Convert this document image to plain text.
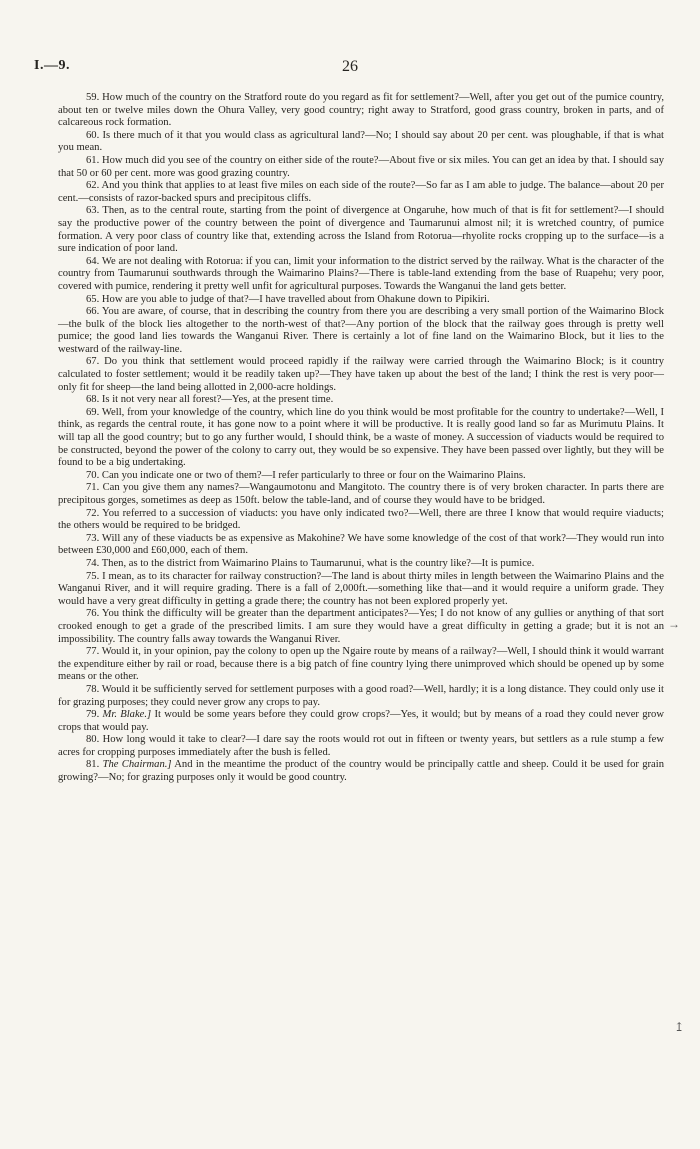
I.—9.	26

59. How much of the country on the Stratford route do you regard as fit for settlement?—Well, after you get out of the pumice country, about ten or twelve miles down the Ohura Valley, very good country; right away to Stratford, good grass country, broken in parts, and of calcareous rock formation.

60. Is there much of it that you would class as agricultural land?—No; I should say about 20 per cent. was ploughable, if that is what you mean.

61. How much did you see of the country on either side of the route?—About five or six miles. You can get an idea by that. I should say that 50 or 60 per cent. more was good grazing country.

62. And you think that applies to at least five miles on each side of the route?—So far as I am able to judge. The balance—about 20 per cent.—consists of razor-backed spurs and precipitous cliffs.

63. Then, as to the central route, starting from the point of divergence at Ongaruhe, how much of that is fit for settlement?—I should say the productive power of the country between the point of divergence and Taumarunui almost nil; it is wretched country, of pumice formation. A very poor class of country like that, extending across the Island from Rotorua—rhyolite rocks cropping up to the surface—is a sure indication of poor land.

64. We are not dealing with Rotorua: if you can, limit your information to the district served by the railway. What is the character of the country from Taumarunui southwards through the Waimarino Plains?—There is table-land extending from the base of Ruapehu; very poor, covered with pumice, rendering it pretty well unfit for agricultural purposes. Towards the Wanganui the land gets better.

65. How are you able to judge of that?—I have travelled about from Ohakune down to Pipikiri.

66. You are aware, of course, that in describing the country from there you are describing a very small portion of the Waimarino Block—the bulk of the block lies altogether to the north-west of that?—Any portion of the block that the railway goes through is pretty well pumice; the good land lies towards the Wanganui River. There is certainly a lot of fine land on the Waimarino Block, but it lies to the westward of the railway-line.

67. Do you think that settlement would proceed rapidly if the railway were carried through the Waimarino Block; is it country calculated to foster settlement; would it be readily taken up?—They have taken up about the best of the land; I think the rest is very poor—only fit for sheep—the land being allotted in 2,000-acre holdings.

68. Is it not very near all forest?—Yes, at the present time.

69. Well, from your knowledge of the country, which line do you think would be most profitable for the country to undertake?—Well, I think, as regards the central route, it has gone now to a point where it will be productive. It is really good land so far as Murimutu Plains. It will tap all the good country; but to go any further would, I should think, be a waste of money. A succession of viaducts would be required to be constructed, beyond the power of the colony to carry out, they would be so expensive. They have been passed over lightly, but they will be found to be a big undertaking.

70. Can you indicate one or two of them?—I refer particularly to three or four on the Waimarino Plains.

71. Can you give them any names?—Wangaumotonu and Mangitoto. The country there is of very broken character. In parts there are precipitous gorges, sometimes as deep as 150ft. below the table-land, and of course they would have to be bridged.

72. You referred to a succession of viaducts: you have only indicated two?—Well, there are three I know that would require viaducts; the others would be required to be bridged.

73. Will any of these viaducts be as expensive as Makohine? We have some knowledge of the cost of that work?—They would run into between £30,000 and £60,000, each of them.

74. Then, as to the district from Waimarino Plains to Taumarunui, what is the country like?—It is pumice.

75. I mean, as to its character for railway construction?—The land is about thirty miles in length between the Waimarino Plains and the Wanganui River, and it will require grading. There is a fall of 2,000ft.—something like that—and it would require a uniform grade. They would have a very great difficulty in getting a grade there; the country has not been explored properly yet.

76. You think the difficulty will be greater than the department anticipates?—Yes; I do not know of any gullies or anything of that sort crooked enough to get a grade of the prescribed limits. I am sure they would have a great difficulty in getting a grade; but it is not an impossibility. The country falls away towards the Wanganui River.

77. Would it, in your opinion, pay the colony to open up the Ngaire route by means of a railway?—Well, I should think it would warrant the expenditure either by rail or road, because there is a big patch of fine country lying there unimproved which should be opened up by some means or the other.

78. Would it be sufficiently served for settlement purposes with a good road?—Well, hardly; it is a long distance. They could only use it for grazing purposes; they could never grow any crops to pay.

79. Mr. Blake.] It would be some years before they could grow crops?—Yes, it would; but by means of a road they could never grow crops that would pay.

80. How long would it take to clear?—I dare say the roots would rot out in fifteen or twenty years, but settlers as a rule stump a few acres for cropping purposes immediately after the bush is felled.

81. The Chairman.] And in the meantime the product of the country would be principally cattle and sheep. Could it be used for grain growing?—No; for grazing purposes only it would be good country.

→
↥
